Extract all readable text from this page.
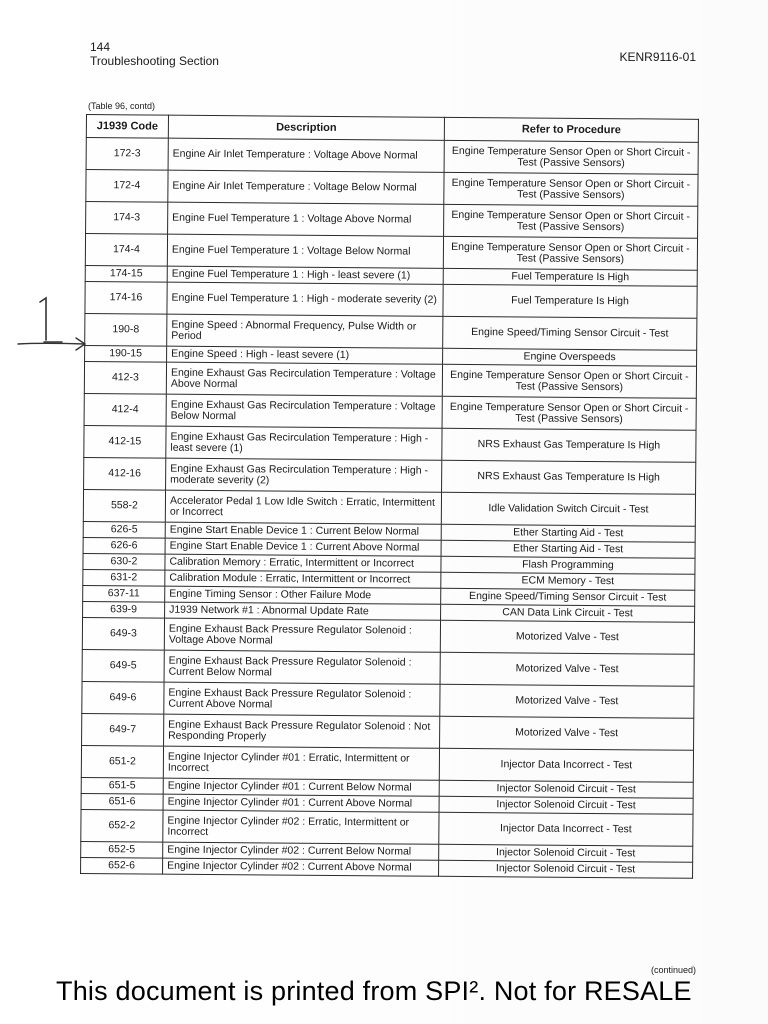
144
Troubleshooting Section	KENR9116-01
(Table 96, contd)
J1939 Code	Description	Refer to Procedure
172-3	Engine Air Inlet Temperature : Voltage Above Normal	Engine Temperature Sensor Open or Short Circuit - Test (Passive Sensors)
172-4	Engine Air Inlet Temperature : Voltage Below Normal	Engine Temperature Sensor Open or Short Circuit - Test (Passive Sensors)
174-3	Engine Fuel Temperature 1 : Voltage Above Normal	Engine Temperature Sensor Open or Short Circuit - Test (Passive Sensors)
174-4	Engine Fuel Temperature 1 : Voltage Below Normal	Engine Temperature Sensor Open or Short Circuit - Test (Passive Sensors)
174-15	Engine Fuel Temperature 1 : High - least severe (1)	Fuel Temperature Is High
174-16	Engine Fuel Temperature 1 : High - moderate severity (2)	Fuel Temperature Is High
190-8	Engine Speed : Abnormal Frequency, Pulse Width or Period	Engine Speed/Timing Sensor Circuit - Test
190-15	Engine Speed : High - least severe (1)	Engine Overspeeds
412-3	Engine Exhaust Gas Recirculation Temperature : Voltage Above Normal	Engine Temperature Sensor Open or Short Circuit - Test (Passive Sensors)
412-4	Engine Exhaust Gas Recirculation Temperature : Voltage Below Normal	Engine Temperature Sensor Open or Short Circuit - Test (Passive Sensors)
412-15	Engine Exhaust Gas Recirculation Temperature : High - least severe (1)	NRS Exhaust Gas Temperature Is High
412-16	Engine Exhaust Gas Recirculation Temperature : High - moderate severity (2)	NRS Exhaust Gas Temperature Is High
558-2	Accelerator Pedal 1 Low Idle Switch : Erratic, Intermittent or Incorrect	Idle Validation Switch Circuit - Test
626-5	Engine Start Enable Device 1 : Current Below Normal	Ether Starting Aid - Test
626-6	Engine Start Enable Device 1 : Current Above Normal	Ether Starting Aid - Test
630-2	Calibration Memory : Erratic, Intermittent or Incorrect	Flash Programming
631-2	Calibration Module : Erratic, Intermittent or Incorrect	ECM Memory - Test
637-11	Engine Timing Sensor : Other Failure Mode	Engine Speed/Timing Sensor Circuit - Test
639-9	J1939 Network #1 : Abnormal Update Rate	CAN Data Link Circuit - Test
649-3	Engine Exhaust Back Pressure Regulator Solenoid : Voltage Above Normal	Motorized Valve - Test
649-5	Engine Exhaust Back Pressure Regulator Solenoid : Current Below Normal	Motorized Valve - Test
649-6	Engine Exhaust Back Pressure Regulator Solenoid : Current Above Normal	Motorized Valve - Test
649-7	Engine Exhaust Back Pressure Regulator Solenoid : Not Responding Properly	Motorized Valve - Test
651-2	Engine Injector Cylinder #01 : Erratic, Intermittent or Incorrect	Injector Data Incorrect - Test
651-5	Engine Injector Cylinder #01 : Current Below Normal	Injector Solenoid Circuit - Test
651-6	Engine Injector Cylinder #01 : Current Above Normal	Injector Solenoid Circuit - Test
652-2	Engine Injector Cylinder #02 : Erratic, Intermittent or Incorrect	Injector Data Incorrect - Test
652-5	Engine Injector Cylinder #02 : Current Below Normal	Injector Solenoid Circuit - Test
652-6	Engine Injector Cylinder #02 : Current Above Normal	Injector Solenoid Circuit - Test
(continued)
This document is printed from SPI². Not for RESALE
